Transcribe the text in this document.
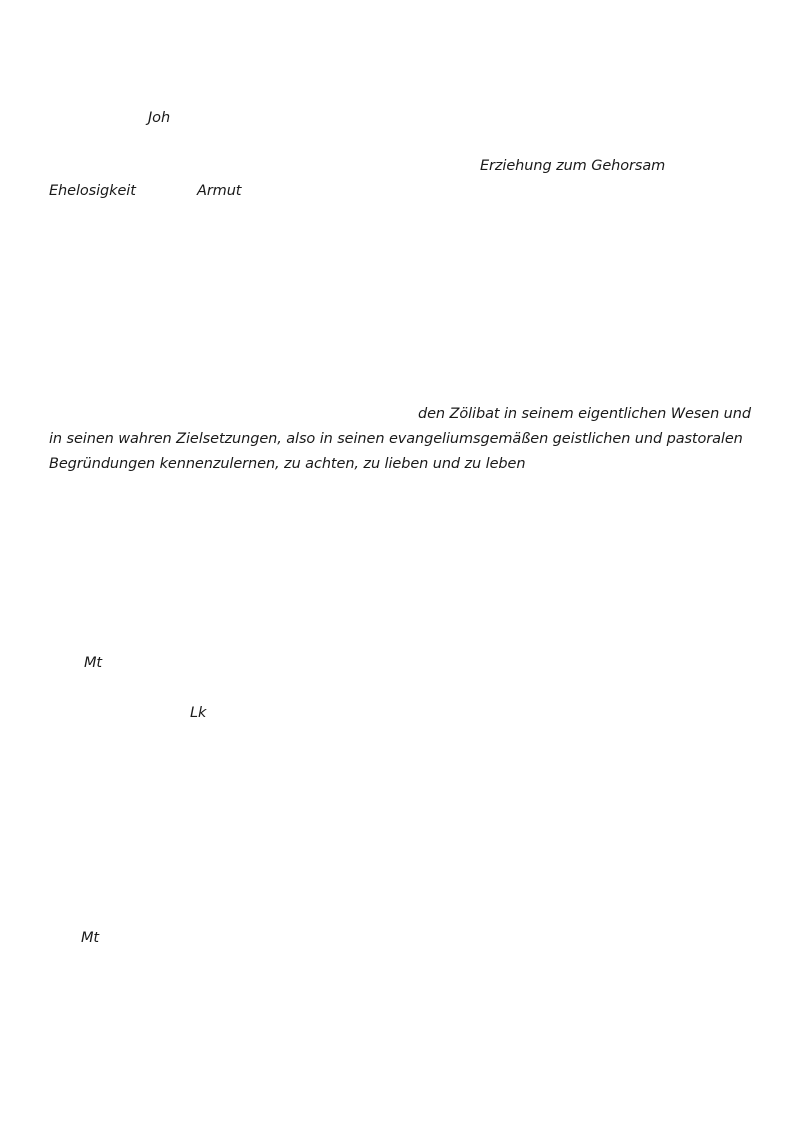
Joh
Erziehung zum Gehorsam
Ehelosigkeit	Armut
den Zölibat in seinem eigentlichen Wesen und
in seinen wahren Zielsetzungen, also in seinen evangeliumsgemäßen geistlichen und pastoralen
Begründungen kennenzulernen, zu achten, zu lieben und zu leben
Mt
Lk
Mt
